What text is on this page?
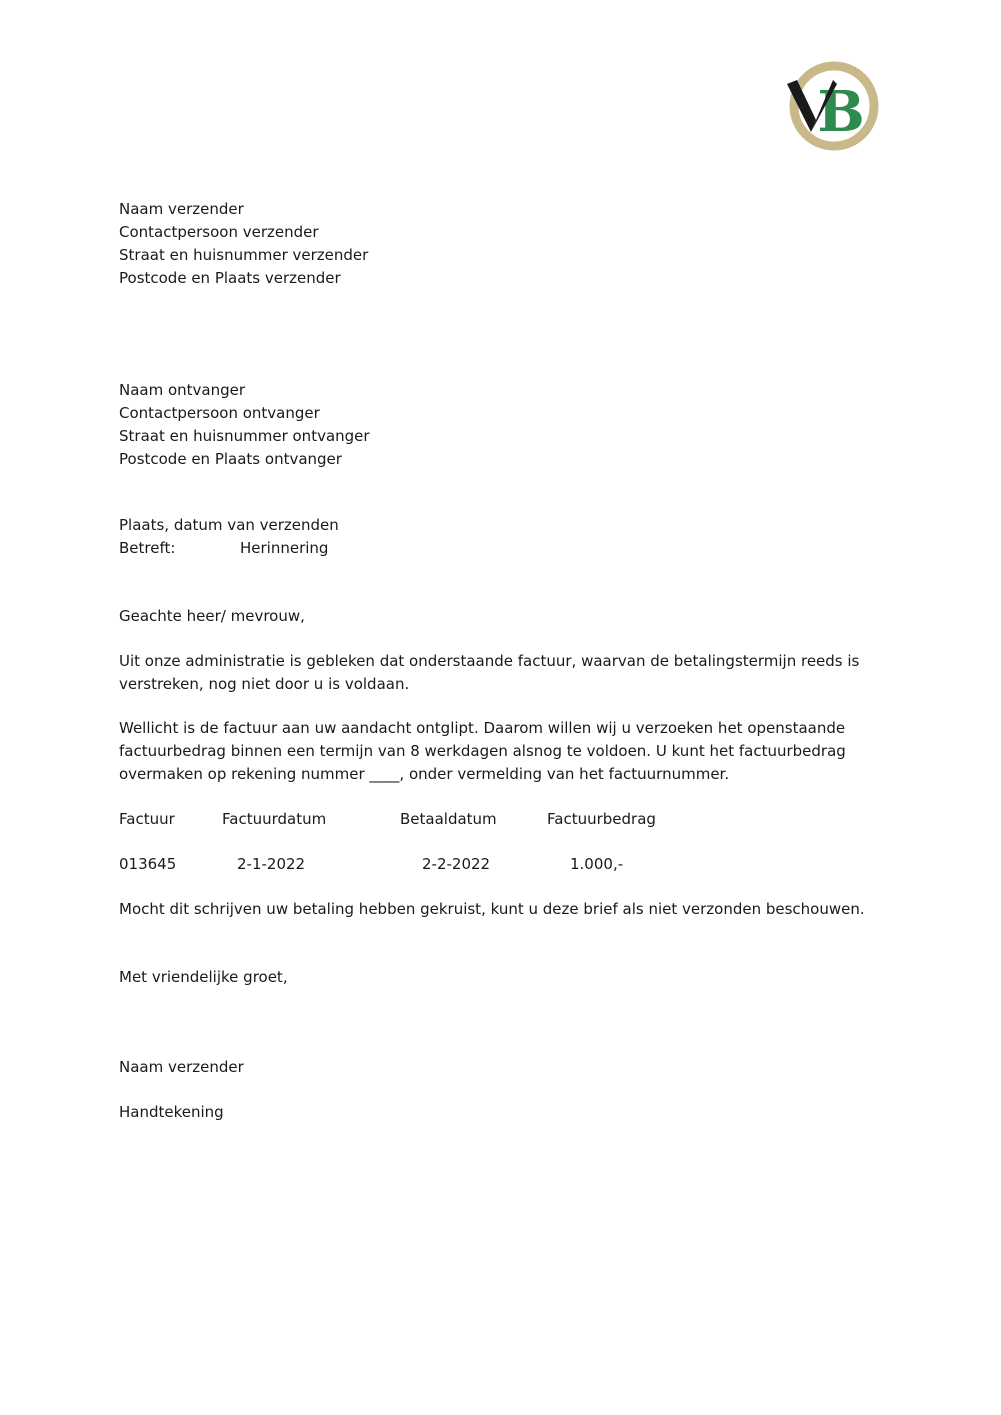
B
Naam verzender
Contactpersoon verzender
Straat en huisnummer verzender
Postcode en Plaats verzender
Naam ontvanger
Contactpersoon ontvanger
Straat en huisnummer ontvanger
Postcode en Plaats ontvanger
Plaats, datum van verzenden
Betreft:	Herinnering
Geachte heer/ mevrouw,

Uit onze administratie is gebleken dat onderstaande factuur, waarvan de betalingstermijn reeds is verstreken, nog niet door u is voldaan.

Wellicht is de factuur aan uw aandacht ontglipt. Daarom willen wij u verzoeken het openstaande factuurbedrag binnen een termijn van 8 werkdagen alsnog te voldoen. U kunt het factuurbedrag overmaken op rekening nummer ____, onder vermelding van het factuurnummer.

Factuur	Factuurdatum	Betaaldatum	Factuurbedrag
013645	2-1-2022	2-2-2022	1.000,-
Mocht dit schrijven uw betaling hebben gekruist, kunt u deze brief als niet verzonden beschouwen.
Met vriendelijke groet,
Naam verzender
Handtekening
